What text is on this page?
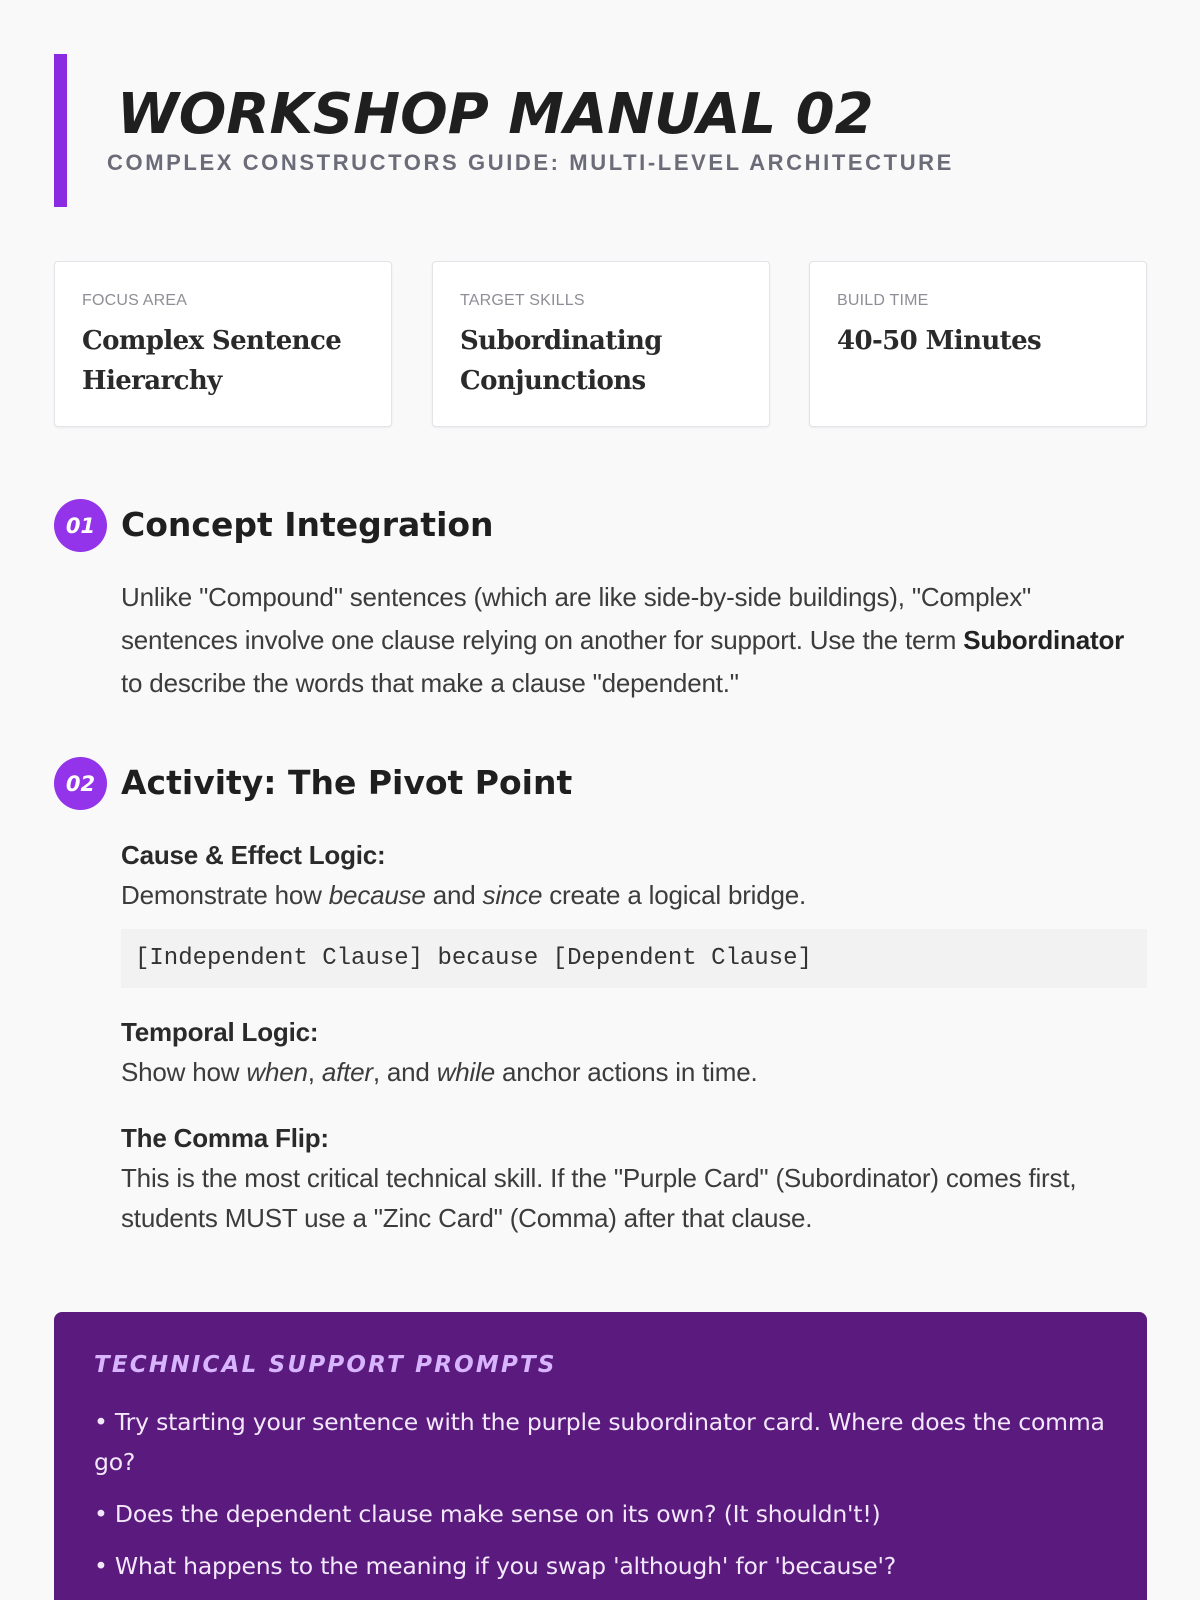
WORKSHOP MANUAL 02
COMPLEX CONSTRUCTORS GUIDE: MULTI-LEVEL ARCHITECTURE
FOCUS AREA
Complex Sentence Hierarchy
TARGET SKILLS
Subordinating Conjunctions
BUILD TIME
40-50 Minutes
01 Concept Integration

Unlike "Compound" sentences (which are like side-by-side buildings), "Complex" sentences involve one clause relying on another for support. Use the term Subordinator to describe the words that make a clause "dependent."

02 Activity: The Pivot Point
Cause & Effect Logic:
Demonstrate how because and since create a logical bridge.
[Independent Clause] because [Dependent Clause]
Temporal Logic:
Show how when, after, and while anchor actions in time.
The Comma Flip:
This is the most critical technical skill. If the "Purple Card" (Subordinator) comes first, students MUST use a "Zinc Card" (Comma) after that clause.
TECHNICAL SUPPORT PROMPTS
• Try starting your sentence with the purple subordinator card. Where does the comma go?
• Does the dependent clause make sense on its own? (It shouldn't!)
• What happens to the meaning if you swap 'although' for 'because'?
